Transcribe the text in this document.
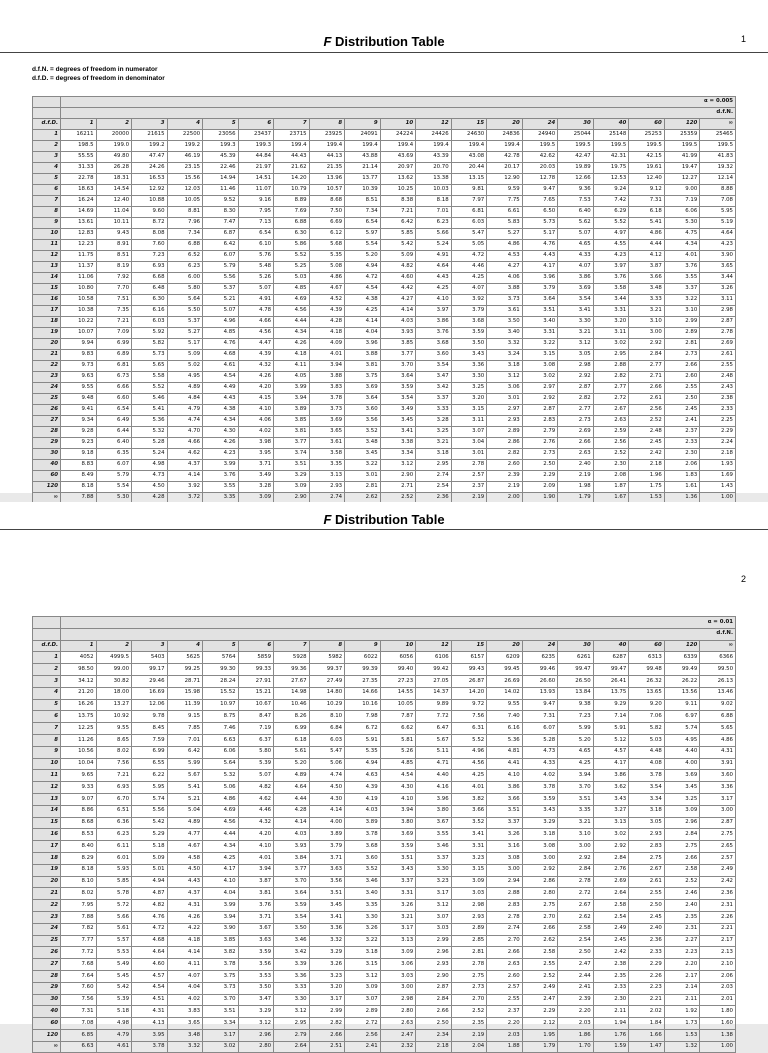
F Distribution Table	1
d.f.N. = degrees of freedom in numerator
d.f.D. = degrees of freedom in denominator
	α = 0.005																		
	d.f.N.																		
d.f.D.	1	2	3	4	5	6	7	8	9	10	12	15	20	24	30	40	60	120	∞
1	16211	20000	21615	22500	23056	23437	23715	23925	24091	24224	24426	24630	24836	24940	25044	25148	25253	25359	25465
2	198.5	199.0	199.2	199.2	199.3	199.3	199.4	199.4	199.4	199.4	199.4	199.4	199.4	199.5	199.5	199.5	199.5	199.5	199.5
3	55.55	49.80	47.47	46.19	45.39	44.84	44.43	44.13	43.88	43.69	43.39	43.08	42.78	42.62	42.47	42.31	42.15	41.99	41.83
4	31.33	26.28	24.26	23.15	22.46	21.97	21.62	21.35	21.14	20.97	20.70	20.44	20.17	20.03	19.89	19.75	19.61	19.47	19.32
5	22.78	18.31	16.53	15.56	14.94	14.51	14.20	13.96	13.77	13.62	13.38	13.15	12.90	12.78	12.66	12.53	12.40	12.27	12.14
6	18.63	14.54	12.92	12.03	11.46	11.07	10.79	10.57	10.39	10.25	10.03	9.81	9.59	9.47	9.36	9.24	9.12	9.00	8.88
7	16.24	12.40	10.88	10.05	9.52	9.16	8.89	8.68	8.51	8.38	8.18	7.97	7.75	7.65	7.53	7.42	7.31	7.19	7.08
8	14.69	11.04	9.60	8.81	8.30	7.95	7.69	7.50	7.34	7.21	7.01	6.81	6.61	6.50	6.40	6.29	6.18	6.06	5.95
9	13.61	10.11	8.72	7.96	7.47	7.13	6.88	6.69	6.54	6.42	6.23	6.03	5.83	5.73	5.62	5.52	5.41	5.30	5.19
10	12.83	9.43	8.08	7.34	6.87	6.54	6.30	6.12	5.97	5.85	5.66	5.47	5.27	5.17	5.07	4.97	4.86	4.75	4.64
11	12.23	8.91	7.60	6.88	6.42	6.10	5.86	5.68	5.54	5.42	5.24	5.05	4.86	4.76	4.65	4.55	4.44	4.34	4.23
12	11.75	8.51	7.23	6.52	6.07	5.76	5.52	5.35	5.20	5.09	4.91	4.72	4.53	4.43	4.33	4.23	4.12	4.01	3.90
13	11.37	8.19	6.93	6.23	5.79	5.48	5.25	5.08	4.94	4.82	4.64	4.46	4.27	4.17	4.07	3.97	3.87	3.76	3.65
14	11.06	7.92	6.68	6.00	5.56	5.26	5.03	4.86	4.72	4.60	4.43	4.25	4.06	3.96	3.86	3.76	3.66	3.55	3.44
15	10.80	7.70	6.48	5.80	5.37	5.07	4.85	4.67	4.54	4.42	4.25	4.07	3.88	3.79	3.69	3.58	3.48	3.37	3.26
16	10.58	7.51	6.30	5.64	5.21	4.91	4.69	4.52	4.38	4.27	4.10	3.92	3.73	3.64	3.54	3.44	3.33	3.22	3.11
17	10.38	7.35	6.16	5.50	5.07	4.78	4.56	4.39	4.25	4.14	3.97	3.79	3.61	3.51	3.41	3.31	3.21	3.10	2.98
18	10.22	7.21	6.03	5.37	4.96	4.66	4.44	4.28	4.14	4.03	3.86	3.68	3.50	3.40	3.30	3.20	3.10	2.99	2.87
19	10.07	7.09	5.92	5.27	4.85	4.56	4.34	4.18	4.04	3.93	3.76	3.59	3.40	3.31	3.21	3.11	3.00	2.89	2.78
20	9.94	6.99	5.82	5.17	4.76	4.47	4.26	4.09	3.96	3.85	3.68	3.50	3.32	3.22	3.12	3.02	2.92	2.81	2.69
21	9.83	6.89	5.73	5.09	4.68	4.39	4.18	4.01	3.88	3.77	3.60	3.43	3.24	3.15	3.05	2.95	2.84	2.73	2.61
22	9.73	6.81	5.65	5.02	4.61	4.32	4.11	3.94	3.81	3.70	3.54	3.36	3.18	3.08	2.98	2.88	2.77	2.66	2.55
23	9.63	6.73	5.58	4.95	4.54	4.26	4.05	3.88	3.75	3.64	3.47	3.30	3.12	3.02	2.92	2.82	2.71	2.60	2.48
24	9.55	6.66	5.52	4.89	4.49	4.20	3.99	3.83	3.69	3.59	3.42	3.25	3.06	2.97	2.87	2.77	2.66	2.55	2.43
25	9.48	6.60	5.46	4.84	4.43	4.15	3.94	3.78	3.64	3.54	3.37	3.20	3.01	2.92	2.82	2.72	2.61	2.50	2.38
26	9.41	6.54	5.41	4.79	4.38	4.10	3.89	3.73	3.60	3.49	3.33	3.15	2.97	2.87	2.77	2.67	2.56	2.45	2.33
27	9.34	6.49	5.36	4.74	4.34	4.06	3.85	3.69	3.56	3.45	3.28	3.11	2.93	2.83	2.73	2.63	2.52	2.41	2.25
28	9.28	6.44	5.32	4.70	4.30	4.02	3.81	3.65	3.52	3.41	3.25	3.07	2.89	2.79	2.69	2.59	2.48	2.37	2.29
29	9.23	6.40	5.28	4.66	4.26	3.98	3.77	3.61	3.48	3.38	3.21	3.04	2.86	2.76	2.66	2.56	2.45	2.33	2.24
30	9.18	6.35	5.24	4.62	4.23	3.95	3.74	3.58	3.45	3.34	3.18	3.01	2.82	2.73	2.63	2.52	2.42	2.30	2.18
40	8.83	6.07	4.98	4.37	3.99	3.71	3.51	3.35	3.22	3.12	2.95	2.78	2.60	2.50	2.40	2.30	2.18	2.06	1.93
60	8.49	5.79	4.73	4.14	3.76	3.49	3.29	3.13	3.01	2.90	2.74	2.57	2.39	2.29	2.19	2.08	1.96	1.83	1.69
120	8.18	5.54	4.50	3.92	3.55	3.28	3.09	2.93	2.81	2.71	2.54	2.37	2.19	2.09	1.98	1.87	1.75	1.61	1.43
∞	7.88	5.30	4.28	3.72	3.35	3.09	2.90	2.74	2.62	2.52	2.36	2.19	2.00	1.90	1.79	1.67	1.53	1.36	1.00
F Distribution Table
2
	α = 0.01																		
	d.f.N.																		
d.f.D.	1	2	3	4	5	6	7	8	9	10	12	15	20	24	30	40	60	120	∞
1	4052	4999.5	5403	5625	5764	5859	5928	5982	6022	6056	6106	6157	6209	6235	6261	6287	6313	6339	6366
2	98.50	99.00	99.17	99.25	99.30	99.33	99.36	99.37	99.39	99.40	99.42	99.43	99.45	99.46	99.47	99.47	99.48	99.49	99.50
3	34.12	30.82	29.46	28.71	28.24	27.91	27.67	27.49	27.35	27.23	27.05	26.87	26.69	26.60	26.50	26.41	26.32	26.22	26.13
4	21.20	18.00	16.69	15.98	15.52	15.21	14.98	14.80	14.66	14.55	14.37	14.20	14.02	13.93	13.84	13.75	13.65	13.56	13.46
5	16.26	13.27	12.06	11.39	10.97	10.67	10.46	10.29	10.16	10.05	9.89	9.72	9.55	9.47	9.38	9.29	9.20	9.11	9.02
6	13.75	10.92	9.78	9.15	8.75	8.47	8.26	8.10	7.98	7.87	7.72	7.56	7.40	7.31	7.23	7.14	7.06	6.97	6.88
7	12.25	9.55	8.45	7.85	7.46	7.19	6.99	6.84	6.72	6.62	6.47	6.31	6.16	6.07	5.99	5.91	5.82	5.74	5.65
8	11.26	8.65	7.59	7.01	6.63	6.37	6.18	6.03	5.91	5.81	5.67	5.52	5.36	5.28	5.20	5.12	5.03	4.95	4.86
9	10.56	8.02	6.99	6.42	6.06	5.80	5.61	5.47	5.35	5.26	5.11	4.96	4.81	4.73	4.65	4.57	4.48	4.40	4.31
10	10.04	7.56	6.55	5.99	5.64	5.39	5.20	5.06	4.94	4.85	4.71	4.56	4.41	4.33	4.25	4.17	4.08	4.00	3.91
11	9.65	7.21	6.22	5.67	5.32	5.07	4.89	4.74	4.63	4.54	4.40	4.25	4.10	4.02	3.94	3.86	3.78	3.69	3.60
12	9.33	6.93	5.95	5.41	5.06	4.82	4.64	4.50	4.39	4.30	4.16	4.01	3.86	3.78	3.70	3.62	3.54	3.45	3.36
13	9.07	6.70	5.74	5.21	4.86	4.62	4.44	4.30	4.19	4.10	3.96	3.82	3.66	3.59	3.51	3.43	3.34	3.25	3.17
14	8.86	6.51	5.56	5.04	4.69	4.46	4.28	4.14	4.03	3.94	3.80	3.66	3.51	3.43	3.35	3.27	3.18	3.09	3.00
15	8.68	6.36	5.42	4.89	4.56	4.32	4.14	4.00	3.89	3.80	3.67	3.52	3.37	3.29	3.21	3.13	3.05	2.96	2.87
16	8.53	6.23	5.29	4.77	4.44	4.20	4.03	3.89	3.78	3.69	3.55	3.41	3.26	3.18	3.10	3.02	2.93	2.84	2.75
17	8.40	6.11	5.18	4.67	4.34	4.10	3.93	3.79	3.68	3.59	3.46	3.31	3.16	3.08	3.00	2.92	2.83	2.75	2.65
18	8.29	6.01	5.09	4.58	4.25	4.01	3.84	3.71	3.60	3.51	3.37	3.23	3.08	3.00	2.92	2.84	2.75	2.66	2.57
19	8.18	5.93	5.01	4.50	4.17	3.94	3.77	3.63	3.52	3.43	3.30	3.15	3.00	2.92	2.84	2.76	2.67	2.58	2.49
20	8.10	5.85	4.94	4.43	4.10	3.87	3.70	3.56	3.46	3.37	3.23	3.09	2.94	2.86	2.78	2.69	2.61	2.52	2.42
21	8.02	5.78	4.87	4.37	4.04	3.81	3.64	3.51	3.40	3.31	3.17	3.03	2.88	2.80	2.72	2.64	2.55	2.46	2.36
22	7.95	5.72	4.82	4.31	3.99	3.76	3.59	3.45	3.35	3.26	3.12	2.98	2.83	2.75	2.67	2.58	2.50	2.40	2.31
23	7.88	5.66	4.76	4.26	3.94	3.71	3.54	3.41	3.30	3.21	3.07	2.93	2.78	2.70	2.62	2.54	2.45	2.35	2.26
24	7.82	5.61	4.72	4.22	3.90	3.67	3.50	3.36	3.26	3.17	3.03	2.89	2.74	2.66	2.58	2.49	2.40	2.31	2.21
25	7.77	5.57	4.68	4.18	3.85	3.63	3.46	3.32	3.22	3.13	2.99	2.85	2.70	2.62	2.54	2.45	2.36	2.27	2.17
26	7.72	5.53	4.64	4.14	3.82	3.59	3.42	3.29	3.18	3.09	2.96	2.81	2.66	2.58	2.50	2.42	2.33	2.23	2.13
27	7.68	5.49	4.60	4.11	3.78	3.56	3.39	3.26	3.15	3.06	2.93	2.78	2.63	2.55	2.47	2.38	2.29	2.20	2.10
28	7.64	5.45	4.57	4.07	3.75	3.53	3.36	3.23	3.12	3.03	2.90	2.75	2.60	2.52	2.44	2.35	2.26	2.17	2.06
29	7.60	5.42	4.54	4.04	3.73	3.50	3.33	3.20	3.09	3.00	2.87	2.73	2.57	2.49	2.41	2.33	2.23	2.14	2.03
30	7.56	5.39	4.51	4.02	3.70	3.47	3.30	3.17	3.07	2.98	2.84	2.70	2.55	2.47	2.39	2.30	2.21	2.11	2.01
40	7.31	5.18	4.31	3.83	3.51	3.29	3.12	2.99	2.89	2.80	2.66	2.52	2.37	2.29	2.20	2.11	2.02	1.92	1.80
60	7.08	4.98	4.13	3.65	3.34	3.12	2.95	2.82	2.72	2.63	2.50	2.35	2.20	2.12	2.03	1.94	1.84	1.73	1.60
120	6.85	4.79	3.95	3.48	3.17	2.96	2.79	2.66	2.56	2.47	2.34	2.19	2.03	1.95	1.86	1.76	1.66	1.53	1.38
∞	6.63	4.61	3.78	3.32	3.02	2.80	2.64	2.51	2.41	2.32	2.18	2.04	1.88	1.79	1.70	1.59	1.47	1.32	1.00
